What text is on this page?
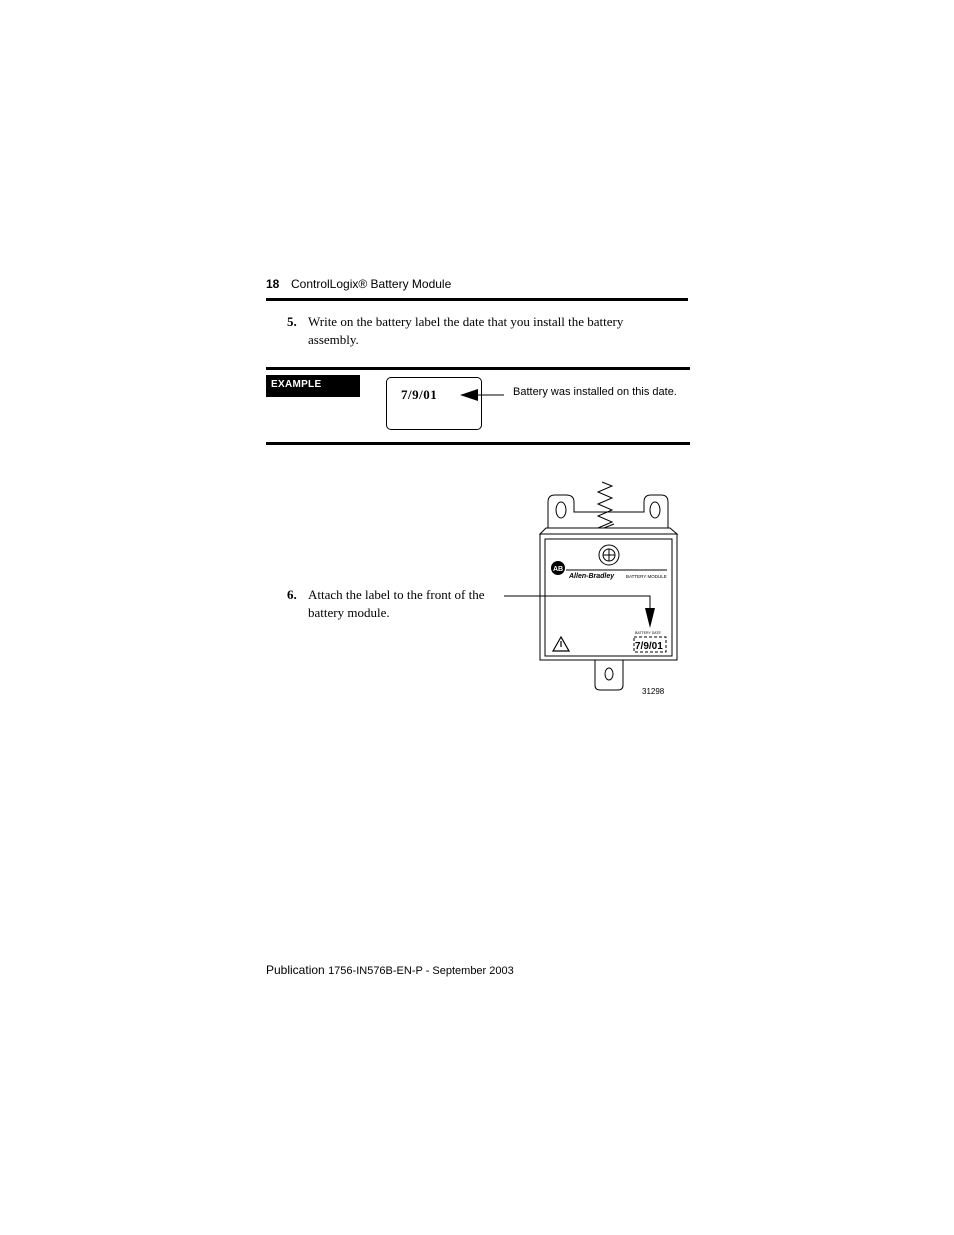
18 ControlLogix® Battery Module
5. Write on the battery label the date that you install the battery
assembly.
EXAMPLE
7/9/01	Battery was installed on this date.
6. Attach the label to the front of the
battery module.
AB
Allen-Bradley	BATTERY MODULE
BATTERY DATE
7/9/01
31298
Publication 1756-IN576B-EN-P - September 2003
